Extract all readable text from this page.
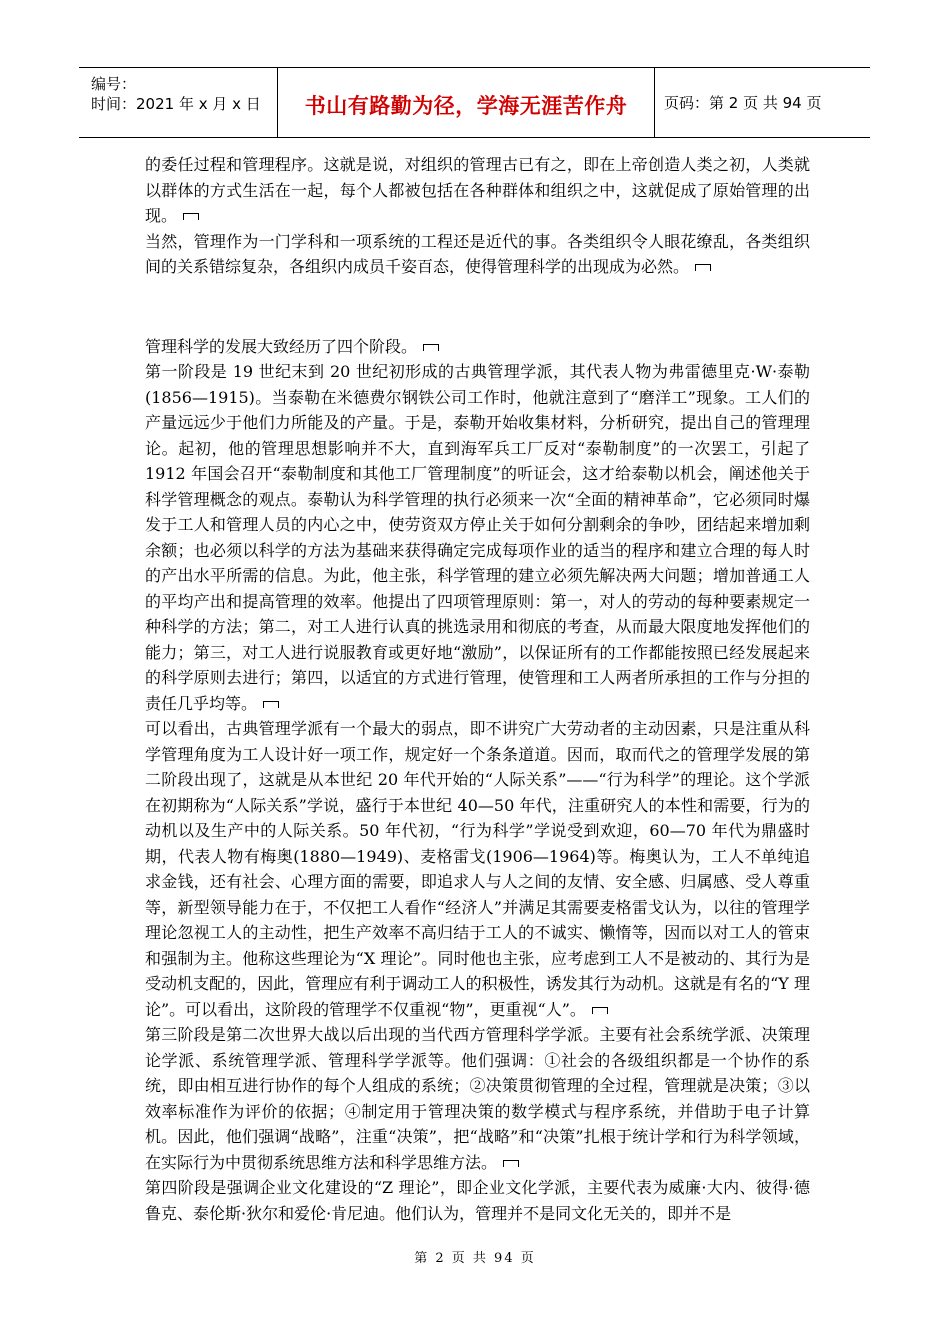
编号：
时间：2021 年 x 月 x 日	书山有路勤为径，学海无涯苦作舟	页码：第 2 页 共 94 页

的委任过程和管理程序。这就是说，对组织的管理古已有之，即在上帝创造人类之初，人类就以群体的方式生活在一起，每个人都被包括在各种群体和组织之中，这就促成了原始管理的出现。

当然，管理作为一门学科和一项系统的工程还是近代的事。各类组织令人眼花缭乱，各类组织间的关系错综复杂，各组织内成员千姿百态，使得管理科学的出现成为必然。

管理科学的发展大致经历了四个阶段。

第一阶段是 19 世纪末到 20 世纪初形成的古典管理学派，其代表人物为弗雷德里克·W·泰勒(1856—1915)。当泰勒在米德费尔钢铁公司工作时，他就注意到了“磨洋工”现象。工人们的产量远远少于他们力所能及的产量。于是，泰勒开始收集材料，分析研究，提出自己的管理理论。起初，他的管理思想影响并不大，直到海军兵工厂反对“泰勒制度”的一次罢工，引起了 1912 年国会召开“泰勒制度和其他工厂管理制度”的听证会，这才给泰勒以机会，阐述他关于科学管理概念的观点。泰勒认为科学管理的执行必须来一次“全面的精神革命”，它必须同时爆发于工人和管理人员的内心之中，使劳资双方停止关于如何分割剩余的争吵，团结起来增加剩余额；也必须以科学的方法为基础来获得确定完成每项作业的适当的程序和建立合理的每人时的产出水平所需的信息。为此，他主张，科学管理的建立必须先解决两大问题；增加普通工人的平均产出和提高管理的效率。他提出了四项管理原则：第一，对人的劳动的每种要素规定一种科学的方法；第二，对工人进行认真的挑选录用和彻底的考查，从而最大限度地发挥他们的能力；第三，对工人进行说服教育或更好地“激励”，以保证所有的工作都能按照已经发展起来的科学原则去进行；第四，以适宜的方式进行管理，使管理和工人两者所承担的工作与分担的责任几乎均等。

可以看出，古典管理学派有一个最大的弱点，即不讲究广大劳动者的主动因素，只是注重从科学管理角度为工人设计好一项工作，规定好一个条条道道。因而，取而代之的管理学发展的第二阶段出现了，这就是从本世纪 20 年代开始的“人际关系”——“行为科学”的理论。这个学派在初期称为“人际关系”学说，盛行于本世纪 40—50 年代，注重研究人的本性和需要，行为的动机以及生产中的人际关系。50 年代初，“行为科学”学说受到欢迎，60—70 年代为鼎盛时期，代表人物有梅奥(1880—1949)、麦格雷戈(1906—1964)等。梅奥认为，工人不单纯追求金钱，还有社会、心理方面的需要，即追求人与人之间的友情、安全感、归属感、受人尊重等，新型领导能力在于，不仅把工人看作“经济人”并满足其需要麦格雷戈认为，以往的管理学理论忽视工人的主动性，把生产效率不高归结于工人的不诚实、懒惰等，因而以对工人的管束和强制为主。他称这些理论为“X 理论”。同时他也主张，应考虑到工人不是被动的、其行为是受动机支配的，因此，管理应有利于调动工人的积极性，诱发其行为动机。这就是有名的“Y 理论”。可以看出，这阶段的管理学不仅重视“物”，更重视“人”。

第三阶段是第二次世界大战以后出现的当代西方管理科学学派。主要有社会系统学派、决策理论学派、系统管理学派、管理科学学派等。他们强调：①社会的各级组织都是一个协作的系统，即由相互进行协作的每个人组成的系统；②决策贯彻管理的全过程，管理就是决策；③以效率标准作为评价的依据；④制定用于管理决策的数学模式与程序系统，并借助于电子计算机。因此，他们强调“战略”，注重“决策”，把“战略”和“决策”扎根于统计学和行为科学领域，在实际行为中贯彻系统思维方法和科学思维方法。

第四阶段是强调企业文化建设的“Z 理论”，即企业文化学派，主要代表为威廉·大内、彼得·德鲁克、泰伦斯·狄尔和爱伦·肯尼迪。他们认为，管理并不是同文化无关的，即并不是

第 2 页 共 94 页
